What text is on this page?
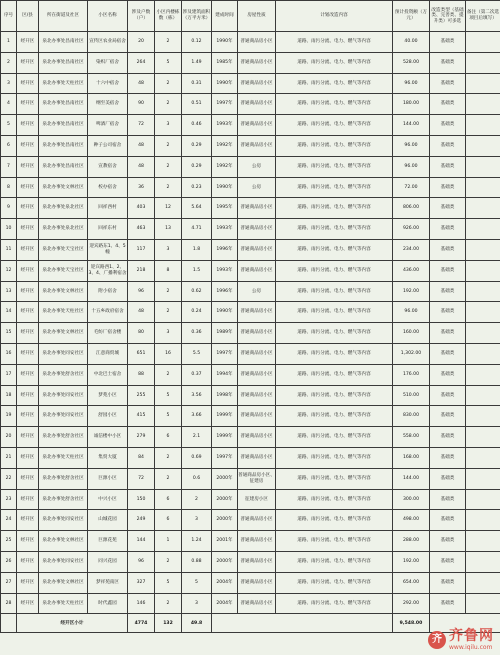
序号	区/县	所在街道及社区	小区名称	涉及户数（户）	小区内楼栋数（栋）	涉及建筑面积（万平方米）	建成时间	房屋性质	计划改造内容	预计投资额（万元）	改造类型（基础类、完善类、提升类）可多选	备注（第二次选项目后填写）
1	经开区	泉北办事处昌南社区	宣传区农业局宿舍	20	2	0.12	1990年	普通商品房小区	道路、雨污分流、电力、燃气等内容	40.00	基础类	
2	经开区	泉北办事处昌南社区	染织厂宿舍	264	5	1.49	1985年	普通商品房小区	道路、雨污分流、电力、燃气等内容	528.00	基础类	
3	经开区	泉北办事处天柱社区	十六中宿舍	48	2	0.31	1990年	普通商品房小区	道路、雨污分流、电力、燃气等内容	96.00	基础类	
4	经开区	泉北办事处昌南社区	纲至美宿舍	90	2	0.51	1997年	普通商品房小区	道路、雨污分流、电力、燃气等内容	180.00	基础类	
5	经开区	泉北办事处昌南社区	啤酒厂宿舍	72	3	0.46	1993年	普通商品房小区	道路、雨污分流、电力、燃气等内容	144.00	基础类	
6	经开区	泉北办事处昌南社区	种子公司宿舍	48	2	0.29	1992年	普通商品房小区	道路、雨污分流、电力、燃气等内容	96.00	基础类	
7	经开区	泉北办事处昌南社区	宣教宿舍	48	2	0.29	1992年	公房	道路、雨污分流、电力、燃气等内容	96.00	基础类	
8	经开区	泉北办事处文林社区	校办宿舍	36	2	0.23	1990年	公房	道路、雨污分流、电力、燃气等内容	72.00	基础类	
9	经开区	泉北办事处泉北社区	回祥西村	403	12	5.64	1995年	普通商品房小区	道路、雨污分流、电力、燃气等内容	806.00	基础类	
10	经开区	泉北办事处泉北社区	回祥东村	463	13	4.71	1993年	普通商品房小区	道路、雨污分流、电力、燃气等内容	926.00	基础类	
11	经开区	泉北办事处天宝社区	迎宾路东1、4、5幢	117	3	1.8	1996年	普通商品房小区	道路、雨污分流、电力、燃气等内容	234.00	基础类	
12	经开区	泉北办事处天宝社区	迎宾路西1、2、3、4、广播利宿舍	218	8	1.5	1993年	普通商品房小区	道路、雨污分流、电力、燃气等内容	436.00	基础类	
13	经开区	泉北办事处文林社区	附小宿舍	96	2	0.62	1996年	公房	道路、雨污分流、电力、燃气等内容	192.00	基础类	
14	经开区	泉北办事处天柱社区	十五乡政府宿舍	48	2	0.24	1990年	普通商品房小区	道路、雨污分流、电力、燃气等内容	96.00	基础类	
15	经开区	泉北办事处文林社区	毛纺厂宿舍楼	80	3	0.36	1989年	普通商品房小区	道路、雨污分流、电力、燃气等内容	160.00	基础类	
16	经开区	泉北办事处同安社区	江意商贸城	651	16	5.5	1997年	普通商品房小区	道路、雨污分流、电力、燃气等内容	1,302.00	基础类	
17	经开区	泉北办事处舒舍社区	中北巴士宿舍	88	2	0.37	1994年	普通商品房小区	道路、雨污分流、电力、燃气等内容	176.00	基础类	
18	经开区	泉北办事处同安社区	梦苑小区	255	5	3.56	1998年	普通商品房小区	道路、雨污分流、电力、燃气等内容	510.00	基础类	
19	经开区	泉北办事处同安社区	舒园小区	415	5	3.66	1999年	普通商品房小区	道路、雨污分流、电力、燃气等内容	830.00	基础类	
20	经开区	泉北办事处舒舍社区	诚信楼中小区	279	6	2.1	1999年	普通商品房小区	道路、雨污分流、电力、燃气等内容	558.00	基础类	
21	经开区	泉北办事处天柱社区	集贸大厦	84	2	0.69	1997年	普通商品房小区	道路、雨污分流、电力、燃气等内容	168.00	基础类	
22	经开区	泉北办事处舒舍社区	巨源小区	72	2	0.6	2000年	普通商品房小区、征建房	道路、雨污分流、电力、燃气等内容	144.00	基础类	
23	经开区	泉北办事处舒舍社区	中兴小区	150	6	2	2000年	征建房小区	道路、雨污分流、电力、燃气等内容	300.00	基础类	
24	经开区	泉北办事处同安社区	山城花园	249	6	3	2000年	普通商品房小区	道路、雨污分流、电力、燃气等内容	498.00	基础类	
25	经开区	泉北办事处文林社区	巨源花苑	144	1	1.24	2001年	普通商品房小区	道路、雨污分流、电力、燃气等内容	288.00	基础类	
26	经开区	泉北办事处同安社区	同兴花园	96	2	0.88	2000年	普通商品房小区	道路、雨污分流、电力、燃气等内容	192.00	基础类	
27	经开区	泉北办事处文林社区	梦祥苑南区	327	5	5	2004年	普通商品房小区	道路、雨污分流、电力、燃气等内容	654.00	基础类	
28	经开区	泉北办事处天柱社区	时代鑫园	146	2	3	2004年	普通商品房小区	道路、雨污分流、电力、燃气等内容	292.00	基础类	
	经开区小计			4774	132	49.8				9,548.00		
齐 齐鲁网
www.iqilu.com
